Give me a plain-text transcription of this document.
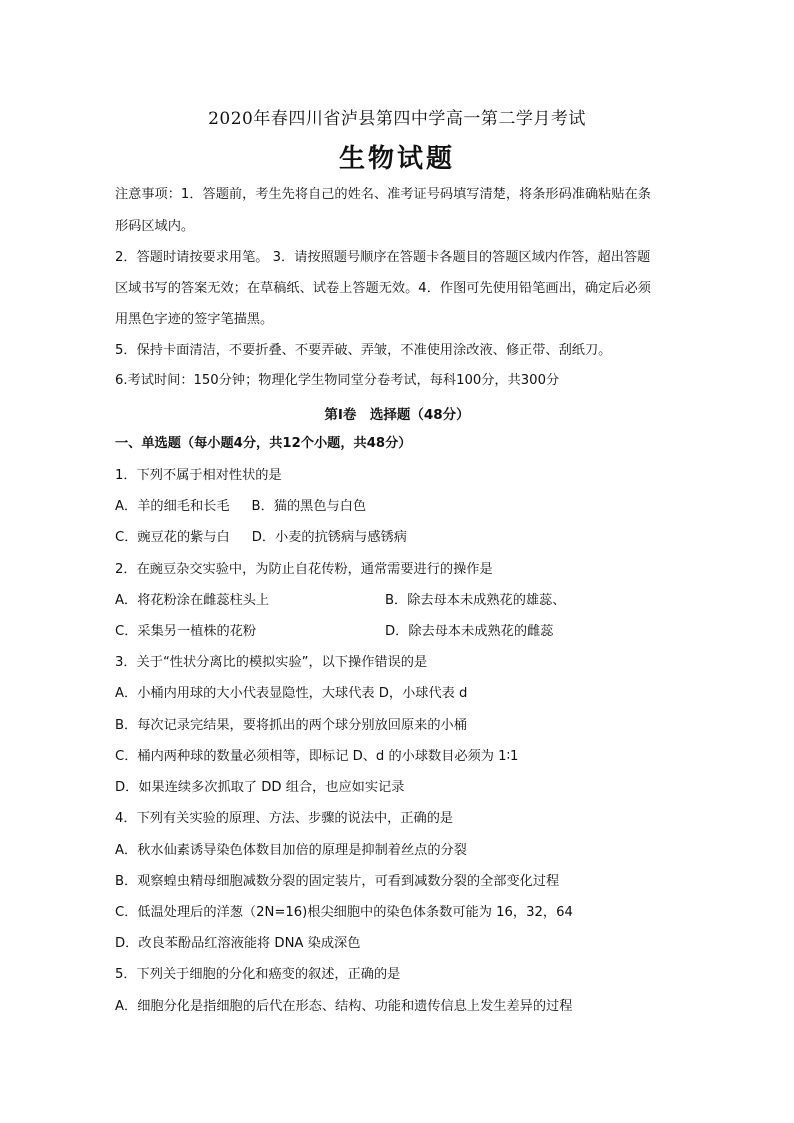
2020年春四川省泸县第四中学高一第二学月考试
生物试题
注意事项：1．答题前，考生先将自己的姓名、准考证号码填写清楚，将条形码准确粘贴在条
形码区域内。
2．答题时请按要求用笔。 3．请按照题号顺序在答题卡各题目的答题区域内作答，超出答题
区域书写的答案无效；在草稿纸、试卷上答题无效。4．作图可先使用铅笔画出，确定后必须
用黑色字迹的签字笔描黑。
5．保持卡面清洁，不要折叠、不要弄破、弄皱，不准使用涂改液、修正带、刮纸刀。
6.考试时间：150分钟；物理化学生物同堂分卷考试，每科100分，共300分
第Ⅰ卷　选择题（48分）
一、单选题（每小题4分，共12个小题，共48分）
1．下列不属于相对性状的是
A．羊的细毛和长毛 B．猫的黑色与白色
C．豌豆花的紫与白 D．小麦的抗锈病与感锈病
2．在豌豆杂交实验中，为防止自花传粉，通常需要进行的操作是
A．将花粉涂在雌蕊柱头上	B．除去母本未成熟花的雄蕊、
C．采集另一植株的花粉	D．除去母本未成熟花的雌蕊
3．关于“性状分离比的模拟实验”，以下操作错误的是
A．小桶内用球的大小代表显隐性，大球代表 D，小球代表 d
B．每次记录完结果，要将抓出的两个球分别放回原来的小桶
C．桶内两种球的数量必须相等，即标记 D、d 的小球数目必须为 1∶1
D．如果连续多次抓取了 DD 组合，也应如实记录
4．下列有关实验的原理、方法、步骤的说法中，正确的是
A．秋水仙素诱导染色体数目加倍的原理是抑制着丝点的分裂
B．观察蝗虫精母细胞减数分裂的固定装片，可看到减数分裂的全部变化过程
C．低温处理后的洋葱（2N=16)根尖细胞中的染色体条数可能为 16，32，64
D．改良苯酚品红溶液能将 DNA 染成深色
5．下列关于细胞的分化和癌变的叙述，正确的是
A．细胞分化是指细胞的后代在形态、结构、功能和遗传信息上发生差异的过程
